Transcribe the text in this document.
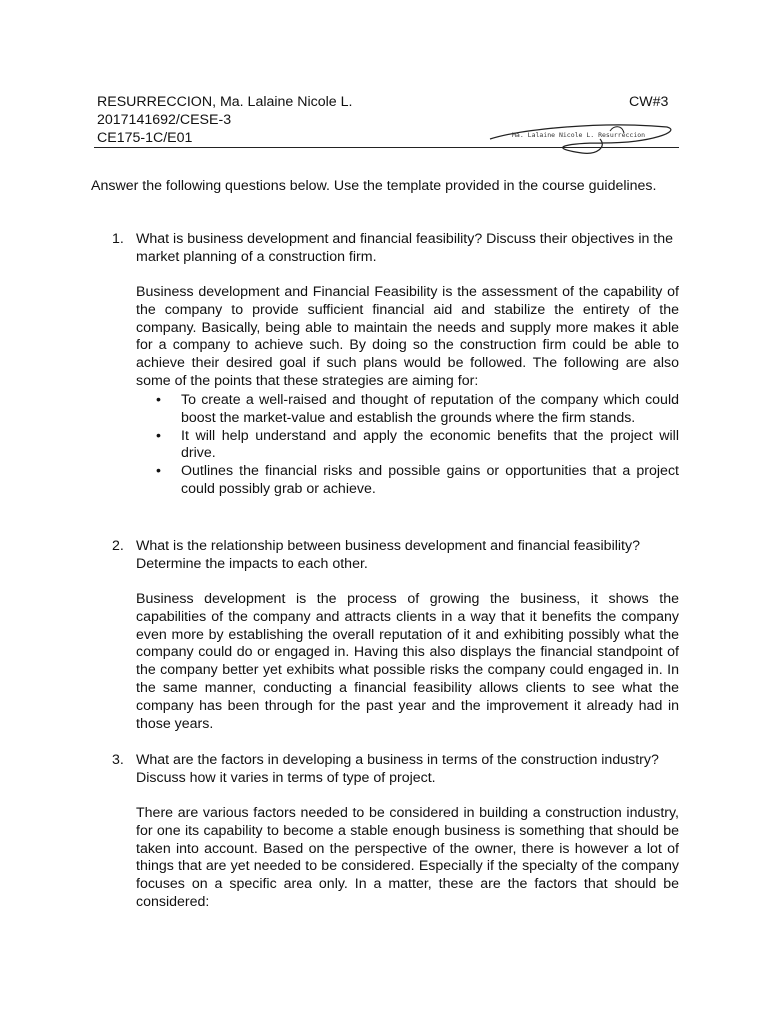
RESURRECCION, Ma. Lalaine Nicole L.
2017141692/CESE-3
CE175-1C/E01
CW#3
Ma. Lalaine Nicole L. Resurreccion
Answer the following questions below. Use the template provided in the course guidelines.
1. What is business development and financial feasibility? Discuss their objectives in the market planning of a construction firm.
Business development and Financial Feasibility is the assessment of the capability of the company to provide sufficient financial aid and stabilize the entirety of the company. Basically, being able to maintain the needs and supply more makes it able for a company to achieve such. By doing so the construction firm could be able to achieve their desired goal if such plans would be followed. The following are also some of the points that these strategies are aiming for:
• To create a well-raised and thought of reputation of the company which could boost the market-value and establish the grounds where the firm stands.
• It will help understand and apply the economic benefits that the project will drive.
• Outlines the financial risks and possible gains or opportunities that a project could possibly grab or achieve.
2. What is the relationship between business development and financial feasibility? Determine the impacts to each other.
Business development is the process of growing the business, it shows the capabilities of the company and attracts clients in a way that it benefits the company even more by establishing the overall reputation of it and exhibiting possibly what the company could do or engaged in. Having this also displays the financial standpoint of the company better yet exhibits what possible risks the company could engaged in. In the same manner, conducting a financial feasibility allows clients to see what the company has been through for the past year and the improvement it already had in those years.
3. What are the factors in developing a business in terms of the construction industry? Discuss how it varies in terms of type of project.
There are various factors needed to be considered in building a construction industry, for one its capability to become a stable enough business is something that should be taken into account. Based on the perspective of the owner, there is however a lot of things that are yet needed to be considered. Especially if the specialty of the company focuses on a specific area only. In a matter, these are the factors that should be considered:
